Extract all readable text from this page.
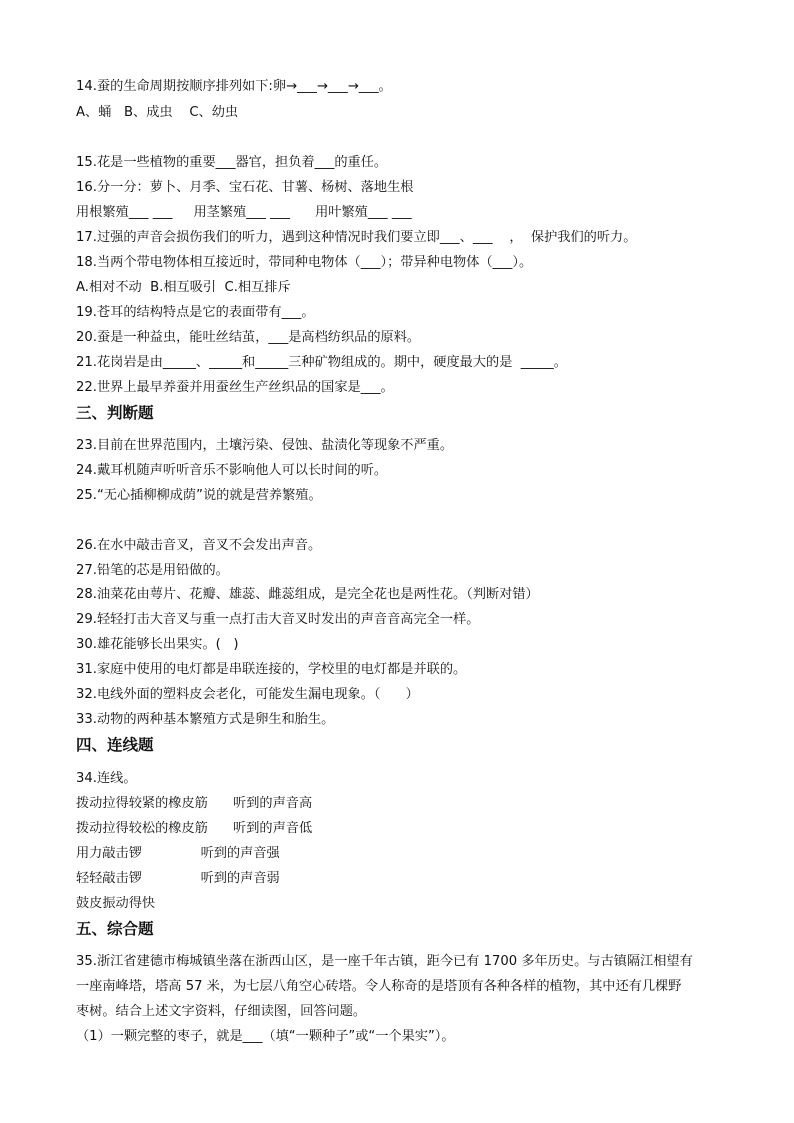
14.蚕的生命周期按顺序排列如下:卵→___→___→___。
A、蛹   B、成虫    C、幼虫
15.花是一些植物的重要___器官，担负着___的重任。
16.分一分：萝卜、月季、宝石花、甘薯、杨树、落地生根
用根繁殖___ ___     用茎繁殖___ ___      用叶繁殖___ ___
17.过强的声音会损伤我们的听力，遇到这种情况时我们要立即___、___    ，  保护我们的听力。
18.当两个带电物体相互接近时，带同种电物体（___）；带异种电物体（___）。
A.相对不动  B.相互吸引  C.相互排斥
19.苍耳的结构特点是它的表面带有___。
20.蚕是一种益虫，能吐丝结茧，___是高档纺织品的原料。
21.花岗岩是由_____、_____和_____三种矿物组成的。期中，硬度最大的是  _____。
22.世界上最早养蚕并用蚕丝生产丝织品的国家是___。
三、判断题
23.目前在世界范围内，土壤污染、侵蚀、盐渍化等现象不严重。
24.戴耳机随声听听音乐不影响他人可以长时间的听。
25.“无心插柳柳成荫”说的就是营养繁殖。
26.在水中敲击音叉，音叉不会发出声音。
27.铅笔的芯是用铅做的。
28.油菜花由萼片、花瓣、雄蕊、雌蕊组成，是完全花也是两性花。（判断对错）
29.轻轻打击大音叉与重一点打击大音叉时发出的声音音高完全一样。
30.雄花能够长出果实。(   )
31.家庭中使用的电灯都是串联连接的，学校里的电灯都是并联的。
32.电线外面的塑料皮会老化，可能发生漏电现象。（      ）
33.动物的两种基本繁殖方式是卵生和胎生。
四、连线题
34.连线。
拨动拉得较紧的橡皮筋      听到的声音高
拨动拉得较松的橡皮筋      听到的声音低
用力敲击锣              听到的声音强
轻轻敲击锣              听到的声音弱
鼓皮振动得快
五、综合题
35.浙江省建德市梅城镇坐落在浙西山区，是一座千年古镇，距今已有 1700 多年历史。与古镇隔江相望有
一座南峰塔，塔高 57 米，为七层八角空心砖塔。令人称奇的是塔顶有各种各样的植物，其中还有几棵野
枣树。结合上述文字资料，仔细读图，回答问题。
（1）一颗完整的枣子，就是___（填“一颗种子”或“一个果实”）。
